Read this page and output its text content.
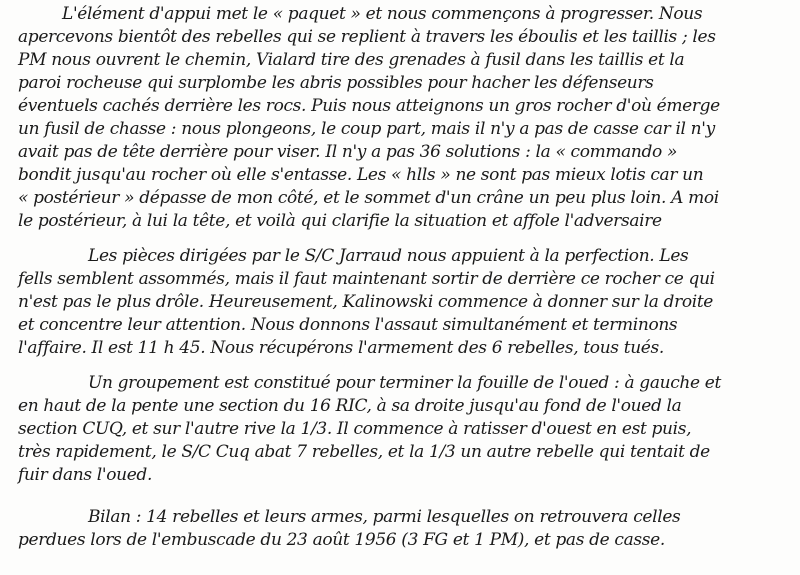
L'élément d'appui met le « paquet » et nous commençons à progresser. Nous
apercevons bientôt des rebelles qui se replient à travers les éboulis et les taillis ; les
PM nous ouvrent le chemin, Vialard tire des grenades à fusil dans les taillis et la
paroi rocheuse qui surplombe les abris possibles pour hacher les défenseurs
éventuels cachés derrière les rocs. Puis nous atteignons un gros rocher d'où émerge
un fusil de chasse : nous plongeons, le coup part, mais il n'y a pas de casse car il n'y
avait pas de tête derrière pour viser. Il n'y a pas 36 solutions : la « commando »
bondit jusqu'au rocher où elle s'entasse. Les « hlls » ne sont pas mieux lotis car un
« postérieur » dépasse de mon côté, et le sommet d'un crâne un peu plus loin. A moi
le postérieur, à lui la tête, et voilà qui clarifie la situation et affole l'adversaire
Les pièces dirigées par le S/C Jarraud nous appuient à la perfection. Les
fells semblent assommés, mais il faut maintenant sortir de derrière ce rocher ce qui
n'est pas le plus drôle. Heureusement, Kalinowski commence à donner sur la droite
et concentre leur attention. Nous donnons l'assaut simultanément et terminons
l'affaire. Il est 11 h 45. Nous récupérons l'armement des 6 rebelles, tous tués.
Un groupement est constitué pour terminer la fouille de l'oued : à gauche et
en haut de la pente une section du 16 RIC, à sa droite jusqu'au fond de l'oued la
section CUQ, et sur l'autre rive la 1/3. Il commence à ratisser d'ouest en est puis,
très rapidement, le S/C Cuq abat 7 rebelles, et la 1/3 un autre rebelle qui tentait de
fuir dans l'oued.
Bilan : 14 rebelles et leurs armes, parmi lesquelles on retrouvera celles
perdues lors de l'embuscade du 23 août 1956 (3 FG et 1 PM), et pas de casse.
